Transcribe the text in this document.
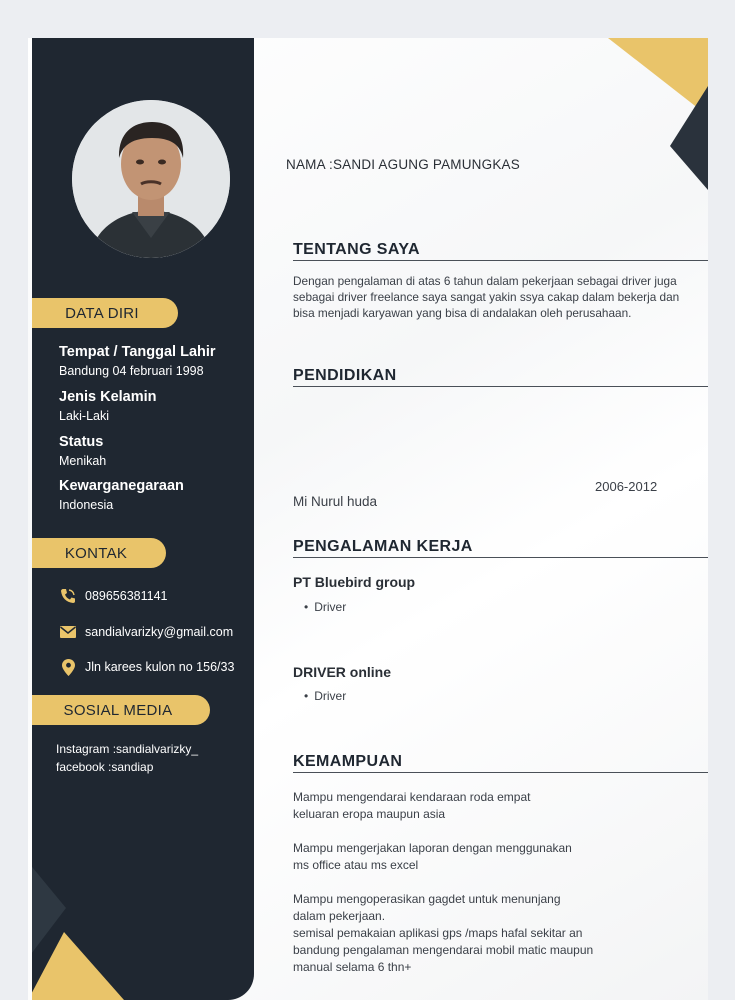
DATA DIRI
Tempat / Tanggal Lahir
Bandung 04 februari 1998
Jenis Kelamin
Laki-Laki
Status
Menikah
Kewarganegaraan
Indonesia
KONTAK
089656381141
sandialvarizky@gmail.com
Jln karees kulon no 156/33
SOSIAL MEDIA
Instagram :sandialvarizky_
facebook :sandiap
NAMA :SANDI AGUNG PAMUNGKAS
TENTANG SAYA
Dengan pengalaman di atas 6 tahun dalam pekerjaan sebagai driver juga sebagai driver freelance saya sangat yakin ssya cakap dalam bekerja dan bisa menjadi karyawan yang bisa di andalakan oleh perusahaan.
PENDIDIKAN
2006-2012
Mi Nurul huda
PENGALAMAN KERJA
PT Bluebird group
• Driver
DRIVER online
• Driver
KEMAMPUAN
Mampu mengendarai kendaraan roda empat
keluaran eropa maupun asia
Mampu mengerjakan laporan dengan menggunakan
ms office atau ms excel
Mampu mengoperasikan gagdet untuk menunjang
dalam pekerjaan.
semisal pemakaian aplikasi gps /maps hafal sekitar an
bandung pengalaman mengendarai mobil matic maupun
manual selama 6 thn+
